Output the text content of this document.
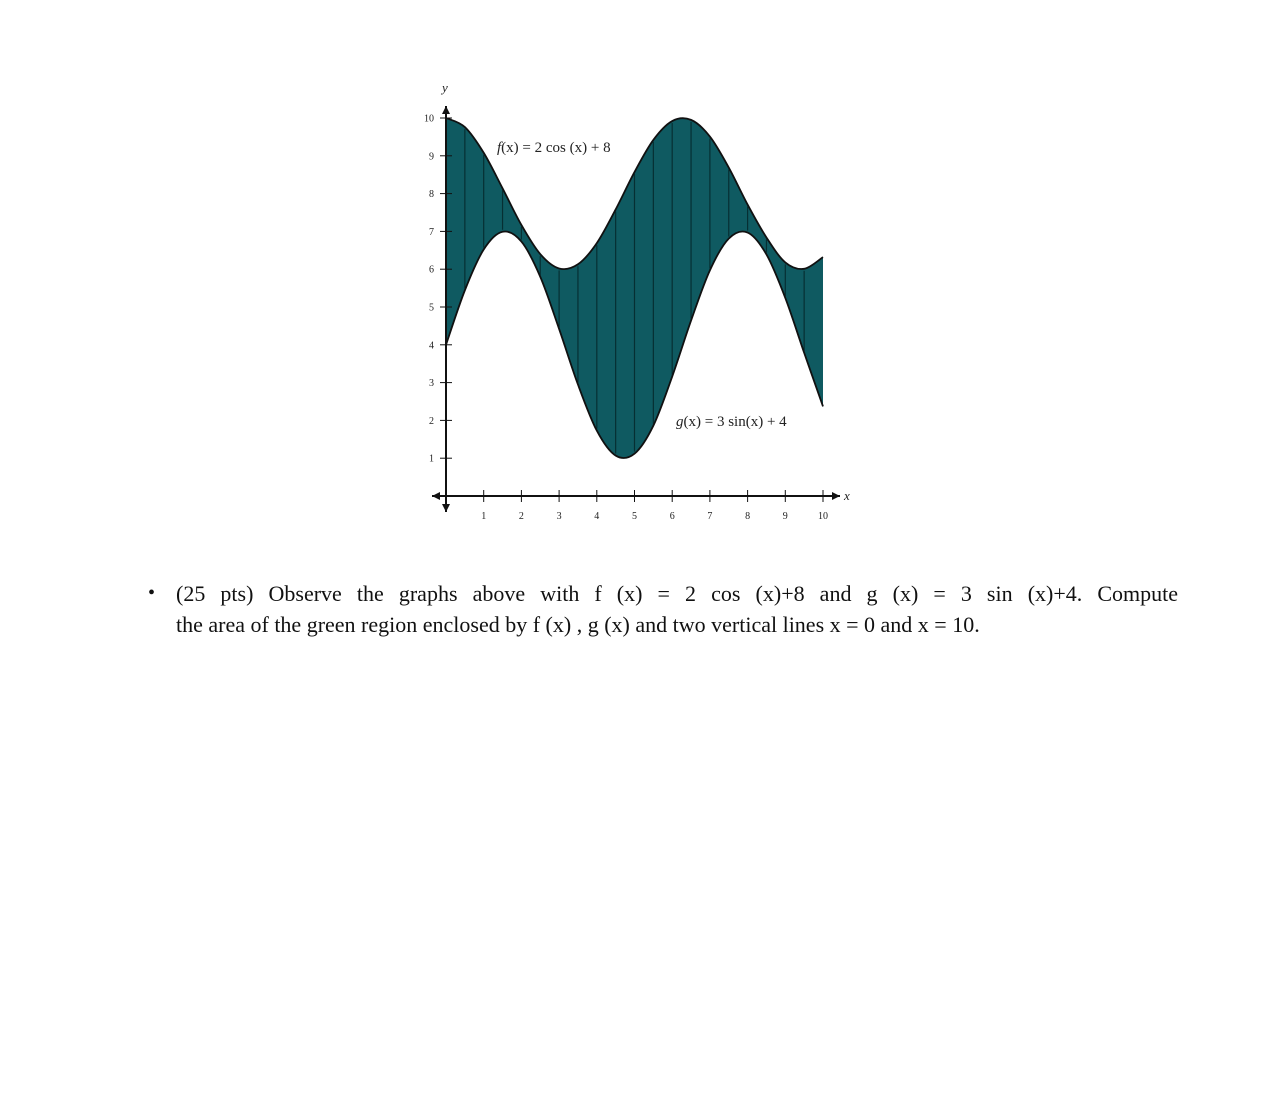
1	2	3	4	5	6	7	8	9	10
1
2
3
4
5
6
7
8
9
10
y
x
f(x) = 2 cos (x) + 8
g(x) = 3 sin(x) + 4
• (25 pts) Observe the graphs above with f (x) = 2 cos (x)+8 and g (x) = 3 sin (x)+4. Compute
the area of the green region enclosed by f (x) , g (x) and two vertical lines x = 0 and x = 10.
